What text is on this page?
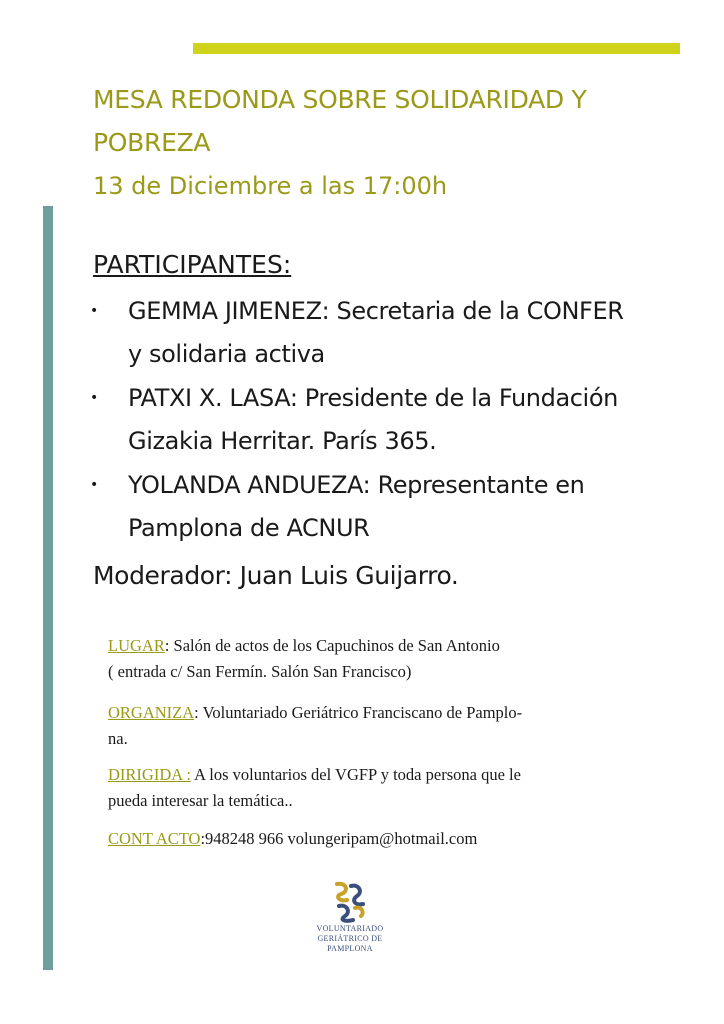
MESA REDONDA SOBRE SOLIDARIDAD Y
POBREZA
13 de Diciembre a las 17:00h
PARTICIPANTES:
• GEMMA JIMENEZ: Secretaria de la CONFER
y solidaria activa
• PATXI X. LASA: Presidente de la Fundación
Gizakia Herritar. París 365.
• YOLANDA ANDUEZA: Representante en
Pamplona de ACNUR
Moderador: Juan Luis Guijarro.
LUGAR: Salón de actos de los Capuchinos de San Antonio
( entrada c/ San Fermín. Salón San Francisco)
ORGANIZA: Voluntariado Geriátrico Franciscano de Pamplo-
na.
DIRIGIDA : A los voluntarios del VGFP y toda persona que le
pueda interesar la temática..
CONT ACTO:948248 966 volungeripam@hotmail.com
VOLUNTARIADO
GERIÁTRICO DE
PAMPLONA
